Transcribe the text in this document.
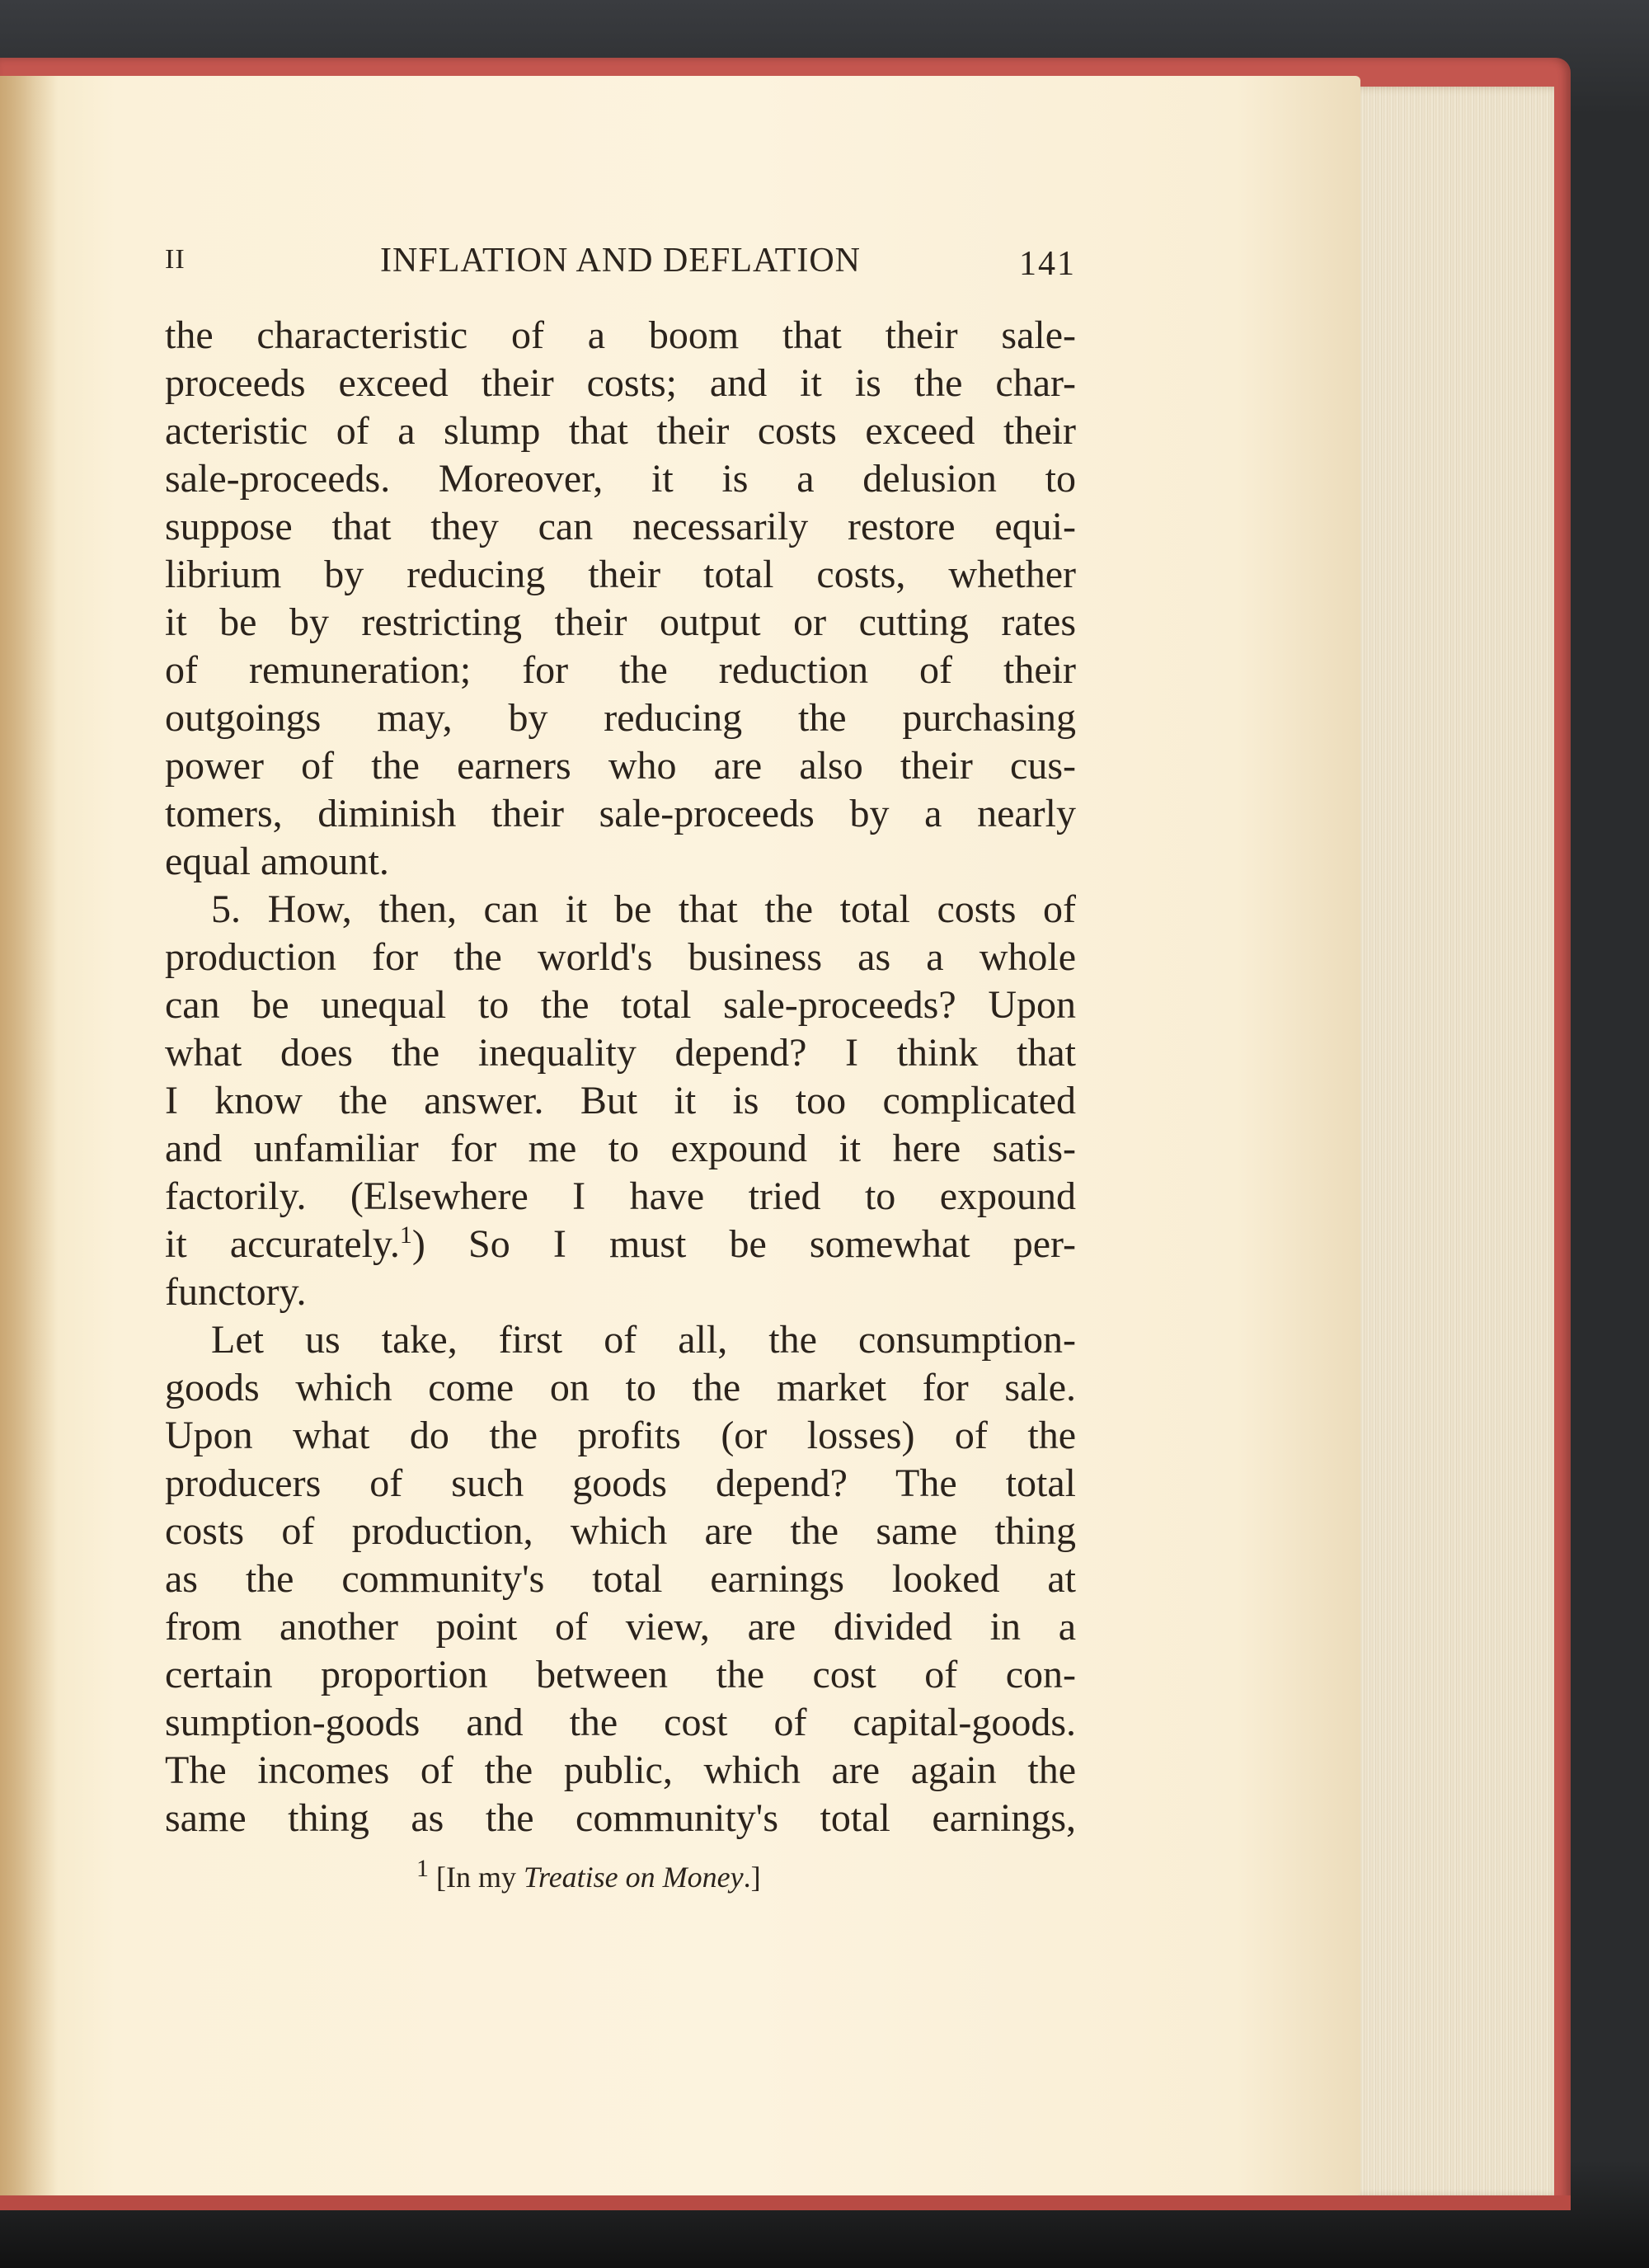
II	INFLATION AND DEFLATION	141
the characteristic of a boom that their sale-
proceeds exceed their costs; and it is the char-
acteristic of a slump that their costs exceed their
sale-proceeds. Moreover, it is a delusion to
suppose that they can necessarily restore equi-
librium by reducing their total costs, whether
it be by restricting their output or cutting rates
of remuneration; for the reduction of their
outgoings may, by reducing the purchasing
power of the earners who are also their cus-
tomers, diminish their sale-proceeds by a nearly
equal amount.
5. How, then, can it be that the total costs of
production for the world's business as a whole
can be unequal to the total sale-proceeds? Upon
what does the inequality depend? I think that
I know the answer. But it is too complicated
and unfamiliar for me to expound it here satis-
factorily. (Elsewhere I have tried to expound
it accurately.$^1$) So I must be somewhat per-
functory.
Let us take, first of all, the consumption-
goods which come on to the market for sale.
Upon what do the profits (or losses) of the
producers of such goods depend? The total
costs of production, which are the same thing
as the community's total earnings looked at
from another point of view, are divided in a
certain proportion between the cost of con-
sumption-goods and the cost of capital-goods.
The incomes of the public, which are again the
same thing as the community's total earnings,
$^1$ [In my Treatise on Money.]
